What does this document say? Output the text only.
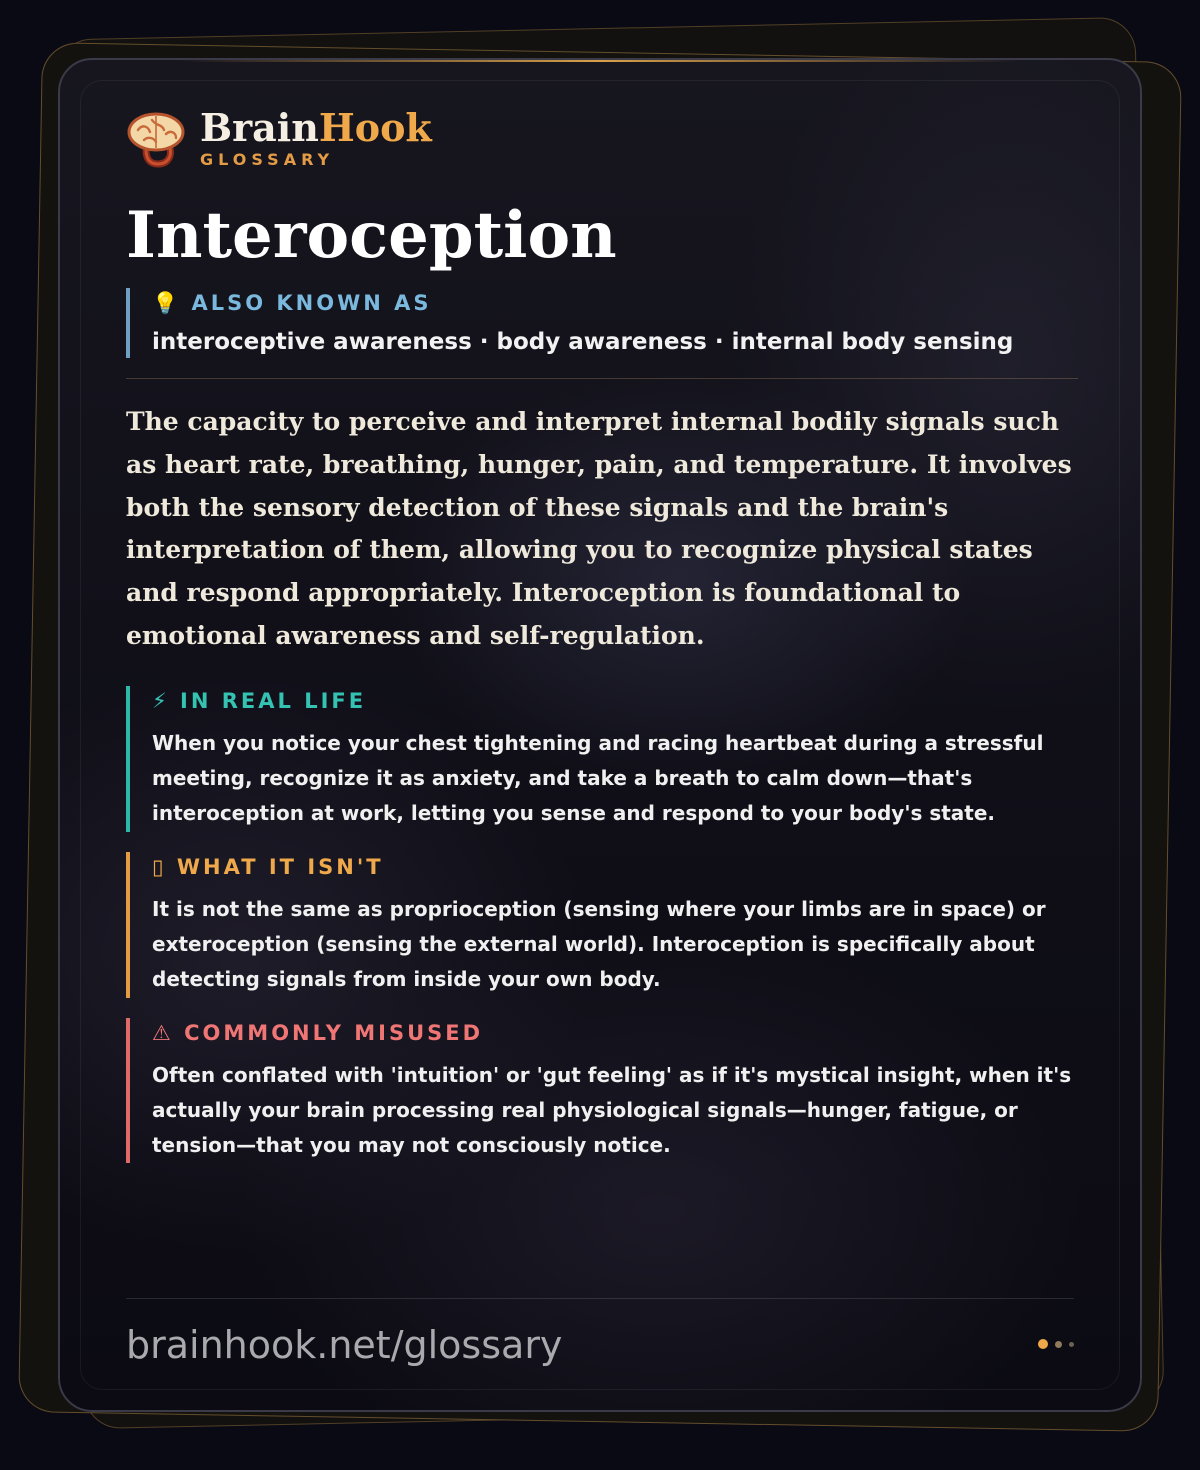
BrainHook
GLOSSARY
Interoception
💡 ALSO KNOWN AS
interoceptive awareness · body awareness · internal body sensing

The capacity to perceive and interpret internal bodily signals such as heart rate, breathing, hunger, pain, and temperature. It involves both the sensory detection of these signals and the brain's interpretation of them, allowing you to recognize physical states and respond appropriately. Interoception is foundational to emotional awareness and self-regulation.

⚡ IN REAL LIFE
When you notice your chest tightening and racing heartbeat during a stressful meeting, recognize it as anxiety, and take a breath to calm down—that's interoception at work, letting you sense and respond to your body's state.
▯ WHAT IT ISN'T
It is not the same as proprioception (sensing where your limbs are in space) or exteroception (sensing the external world). Interoception is specifically about detecting signals from inside your own body.
⚠ COMMONLY MISUSED
Often conflated with 'intuition' or 'gut feeling' as if it's mystical insight, when it's actually your brain processing real physiological signals—hunger, fatigue, or tension—that you may not consciously notice.
brainhook.net/glossary
